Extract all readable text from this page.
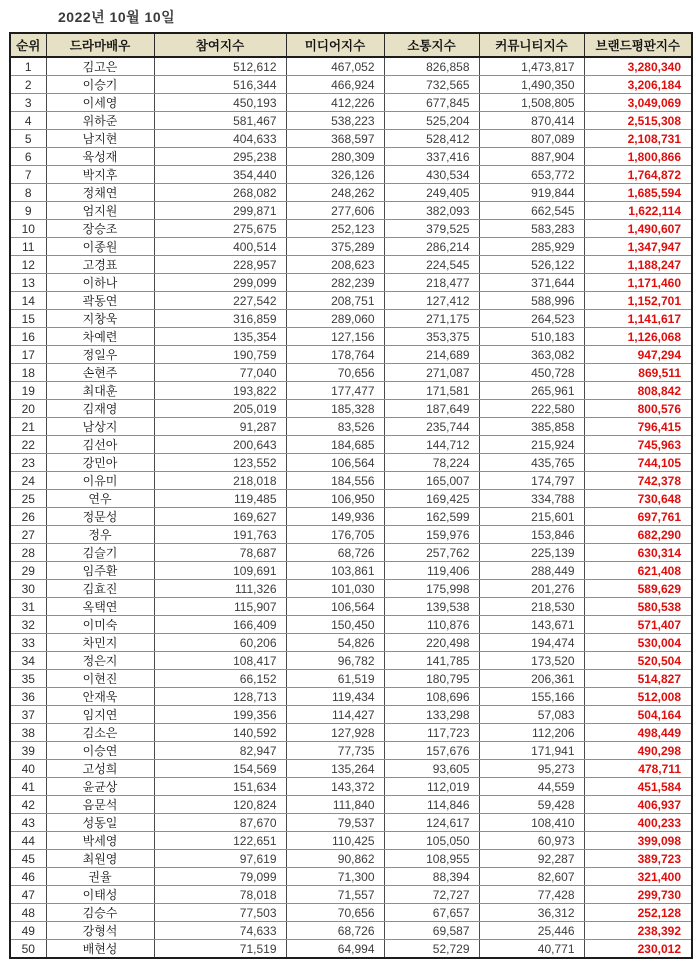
2022년 10월 10일
순위	드라마배우	참여지수	미디어지수	소통지수	커뮤니티지수	브랜드평판지수
1	김고은	512,612	467,052	826,858	1,473,817	3,280,340
2	이승기	516,344	466,924	732,565	1,490,350	3,206,184
3	이세영	450,193	412,226	677,845	1,508,805	3,049,069
4	위하준	581,467	538,223	525,204	870,414	2,515,308
5	남지현	404,633	368,597	528,412	807,089	2,108,731
6	육성재	295,238	280,309	337,416	887,904	1,800,866
7	박지후	354,440	326,126	430,534	653,772	1,764,872
8	정채연	268,082	248,262	249,405	919,844	1,685,594
9	엄지원	299,871	277,606	382,093	662,545	1,622,114
10	장승조	275,675	252,123	379,525	583,283	1,490,607
11	이종원	400,514	375,289	286,214	285,929	1,347,947
12	고경표	228,957	208,623	224,545	526,122	1,188,247
13	이하나	299,099	282,239	218,477	371,644	1,171,460
14	곽동연	227,542	208,751	127,412	588,996	1,152,701
15	지창욱	316,859	289,060	271,175	264,523	1,141,617
16	차예련	135,354	127,156	353,375	510,183	1,126,068
17	정일우	190,759	178,764	214,689	363,082	947,294
18	손현주	77,040	70,656	271,087	450,728	869,511
19	최대훈	193,822	177,477	171,581	265,961	808,842
20	김재영	205,019	185,328	187,649	222,580	800,576
21	남상지	91,287	83,526	235,744	385,858	796,415
22	김선아	200,643	184,685	144,712	215,924	745,963
23	강민아	123,552	106,564	78,224	435,765	744,105
24	이유미	218,018	184,556	165,007	174,797	742,378
25	연우	119,485	106,950	169,425	334,788	730,648
26	정문성	169,627	149,936	162,599	215,601	697,761
27	정우	191,763	176,705	159,976	153,846	682,290
28	김슬기	78,687	68,726	257,762	225,139	630,314
29	임주환	109,691	103,861	119,406	288,449	621,408
30	김효진	111,326	101,030	175,998	201,276	589,629
31	옥택연	115,907	106,564	139,538	218,530	580,538
32	이미숙	166,409	150,450	110,876	143,671	571,407
33	차민지	60,206	54,826	220,498	194,474	530,004
34	정은지	108,417	96,782	141,785	173,520	520,504
35	이현진	66,152	61,519	180,795	206,361	514,827
36	안재욱	128,713	119,434	108,696	155,166	512,008
37	임지연	199,356	114,427	133,298	57,083	504,164
38	김소은	140,592	127,928	117,723	112,206	498,449
39	이승연	82,947	77,735	157,676	171,941	490,298
40	고성희	154,569	135,264	93,605	95,273	478,711
41	윤균상	151,634	143,372	112,019	44,559	451,584
42	음문석	120,824	111,840	114,846	59,428	406,937
43	성동일	87,670	79,537	124,617	108,410	400,233
44	박세영	122,651	110,425	105,050	60,973	399,098
45	최원영	97,619	90,862	108,955	92,287	389,723
46	권율	79,099	71,300	88,394	82,607	321,400
47	이태성	78,018	71,557	72,727	77,428	299,730
48	김승수	77,503	70,656	67,657	36,312	252,128
49	강형석	74,633	68,726	69,587	25,446	238,392
50	배현성	71,519	64,994	52,729	40,771	230,012
